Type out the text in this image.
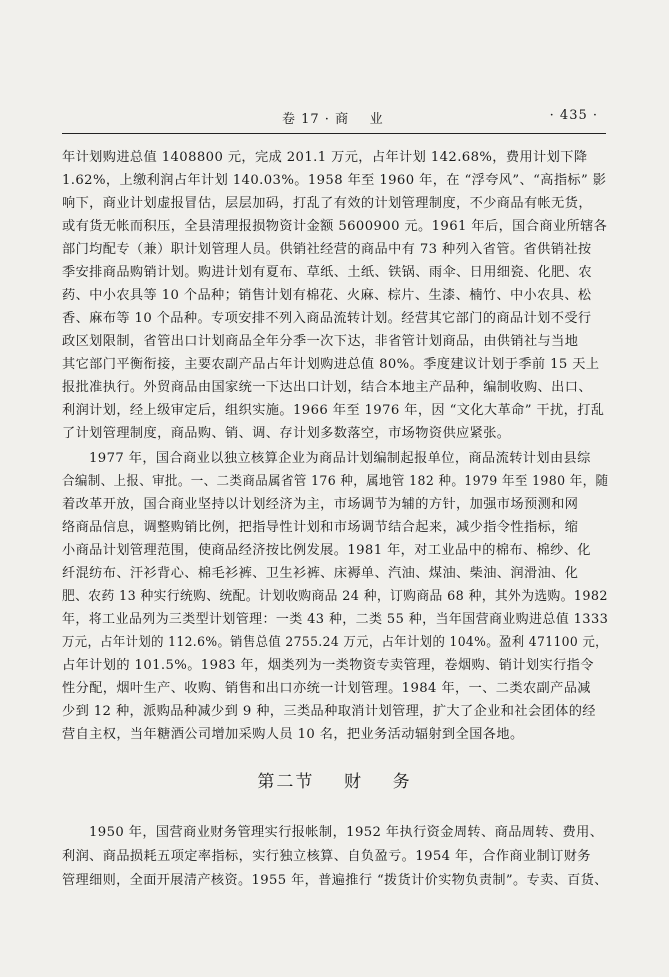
卷 17 · 商    业	· 435 ·
年计划购进总值 1408800 元，完成 201.1 万元，占年计划 142.68%，费用计划下降
1.62%，上缴利润占年计划 140.03%。1958 年至 1960 年，在 “浮夸风”、“高指标” 影
响下，商业计划虚报冒估，层层加码，打乱了有效的计划管理制度，不少商品有帐无货，
或有货无帐而积压，全县清理报损物资计金额 5600900 元。1961 年后，国合商业所辖各
部门均配专（兼）职计划管理人员。供销社经营的商品中有 73 种列入省管。省供销社按
季安排商品购销计划。购进计划有夏布、草纸、土纸、铁锅、雨伞、日用细瓷、化肥、农
药、中小农具等 10 个品种；销售计划有棉花、火麻、棕片、生漆、楠竹、中小农具、松
香、麻布等 10 个品种。专项安排不列入商品流转计划。经营其它部门的商品计划不受行
政区划限制，省管出口计划商品全年分季一次下达，非省管计划商品，由供销社与当地
其它部门平衡衔接，主要农副产品占年计划购进总值 80%。季度建议计划于季前 15 天上
报批准执行。外贸商品由国家统一下达出口计划，结合本地主产品种，编制收购、出口、
利润计划，经上级审定后，组织实施。1966 年至 1976 年，因 “文化大革命” 干扰，打乱
了计划管理制度，商品购、销、调、存计划多数落空，市场物资供应紧张。
1977 年，国合商业以独立核算企业为商品计划编制起报单位，商品流转计划由县综
合编制、上报、审批。一、二类商品属省管 176 种，属地管 182 种。1979 年至 1980 年，随
着改革开放，国合商业坚持以计划经济为主，市场调节为辅的方针，加强市场预测和网
络商品信息，调整购销比例，把指导性计划和市场调节结合起来，减少指令性指标，缩
小商品计划管理范围，使商品经济按比例发展。1981 年，对工业品中的棉布、棉纱、化
纤混纺布、汗衫背心、棉毛衫裤、卫生衫裤、床褥单、汽油、煤油、柴油、润滑油、化
肥、农药 13 种实行统购、统配。计划收购商品 24 种，订购商品 68 种，其外为选购。1982
年，将工业品列为三类型计划管理：一类 43 种，二类 55 种，当年国营商业购进总值 1333
万元，占年计划的 112.6%。销售总值 2755.24 万元，占年计划的 104%。盈利 471100 元，
占年计划的 101.5%。1983 年，烟类列为一类物资专卖管理，卷烟购、销计划实行指令
性分配，烟叶生产、收购、销售和出口亦统一计划管理。1984 年，一、二类农副产品减
少到 12 种，派购品种减少到 9 种，三类品种取消计划管理，扩大了企业和社会团体的经
营自主权，当年糖酒公司增加采购人员 10 名，把业务活动辐射到全国各地。
第二节    财    务
1950 年，国营商业财务管理实行报帐制，1952 年执行资金周转、商品周转、费用、
利润、商品损耗五项定率指标，实行独立核算、自负盈亏。1954 年，合作商业制订财务
管理细则，全面开展清产核资。1955 年，普遍推行 “拨货计价实物负责制”。专卖、百货、
